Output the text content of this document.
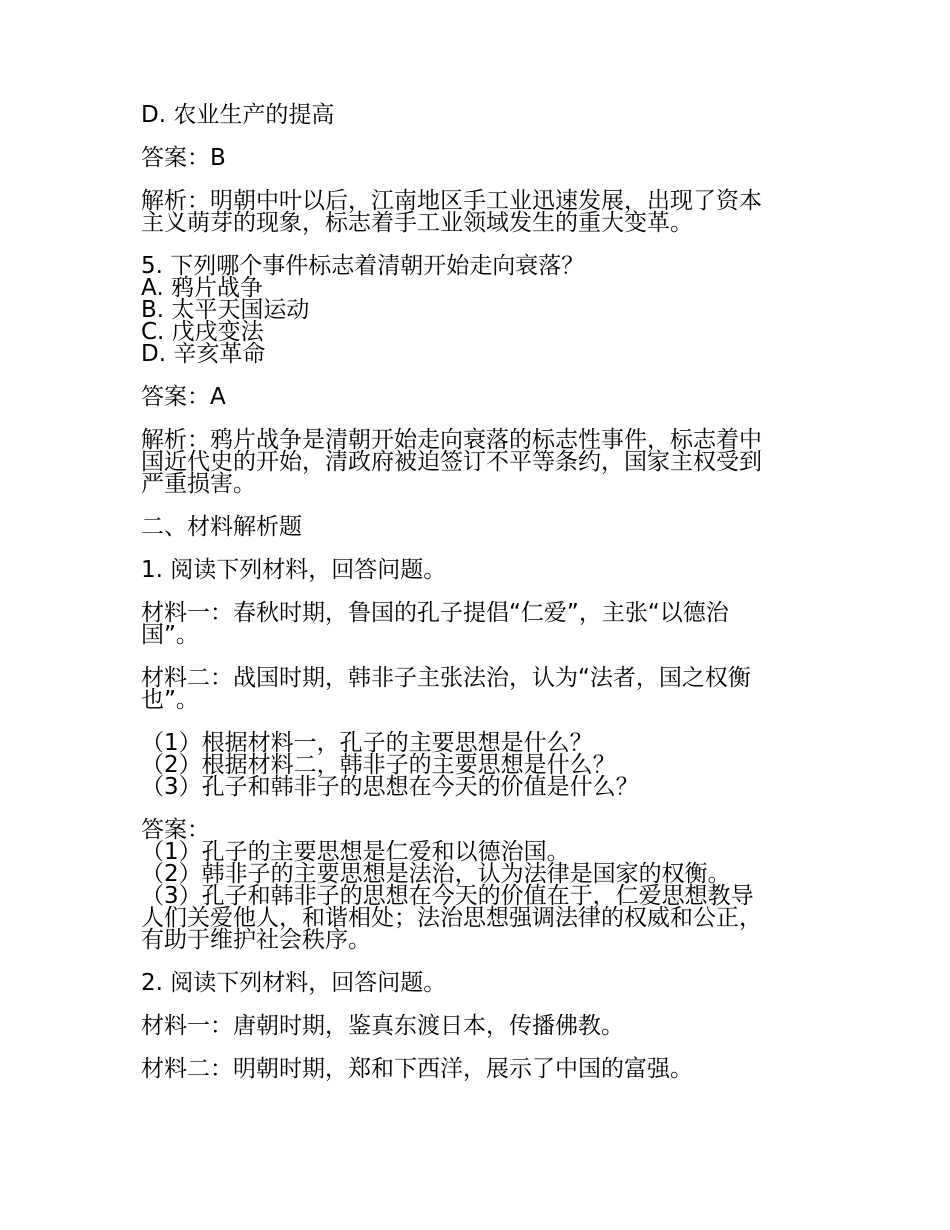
D. 农业生产的提高
答案：B
解析：明朝中叶以后，江南地区手工业迅速发展，出现了资本
主义萌芽的现象，标志着手工业领域发生的重大变革。
5. 下列哪个事件标志着清朝开始走向衰落？
A. 鸦片战争
B. 太平天国运动
C. 戊戌变法
D. 辛亥革命
答案：A
解析：鸦片战争是清朝开始走向衰落的标志性事件，标志着中
国近代史的开始，清政府被迫签订不平等条约，国家主权受到
严重损害。
二、材料解析题
1. 阅读下列材料，回答问题。
材料一：春秋时期，鲁国的孔子提倡“仁爱”，主张“以德治
国”。
材料二：战国时期，韩非子主张法治，认为“法者，国之权衡
也”。
（1）根据材料一，孔子的主要思想是什么？
（2）根据材料二，韩非子的主要思想是什么？
（3）孔子和韩非子的思想在今天的价值是什么？
答案：
（1）孔子的主要思想是仁爱和以德治国。
（2）韩非子的主要思想是法治，认为法律是国家的权衡。
（3）孔子和韩非子的思想在今天的价值在于，仁爱思想教导
人们关爱他人，和谐相处；法治思想强调法律的权威和公正，
有助于维护社会秩序。
2. 阅读下列材料，回答问题。
材料一：唐朝时期，鉴真东渡日本，传播佛教。
材料二：明朝时期，郑和下西洋，展示了中国的富强。
